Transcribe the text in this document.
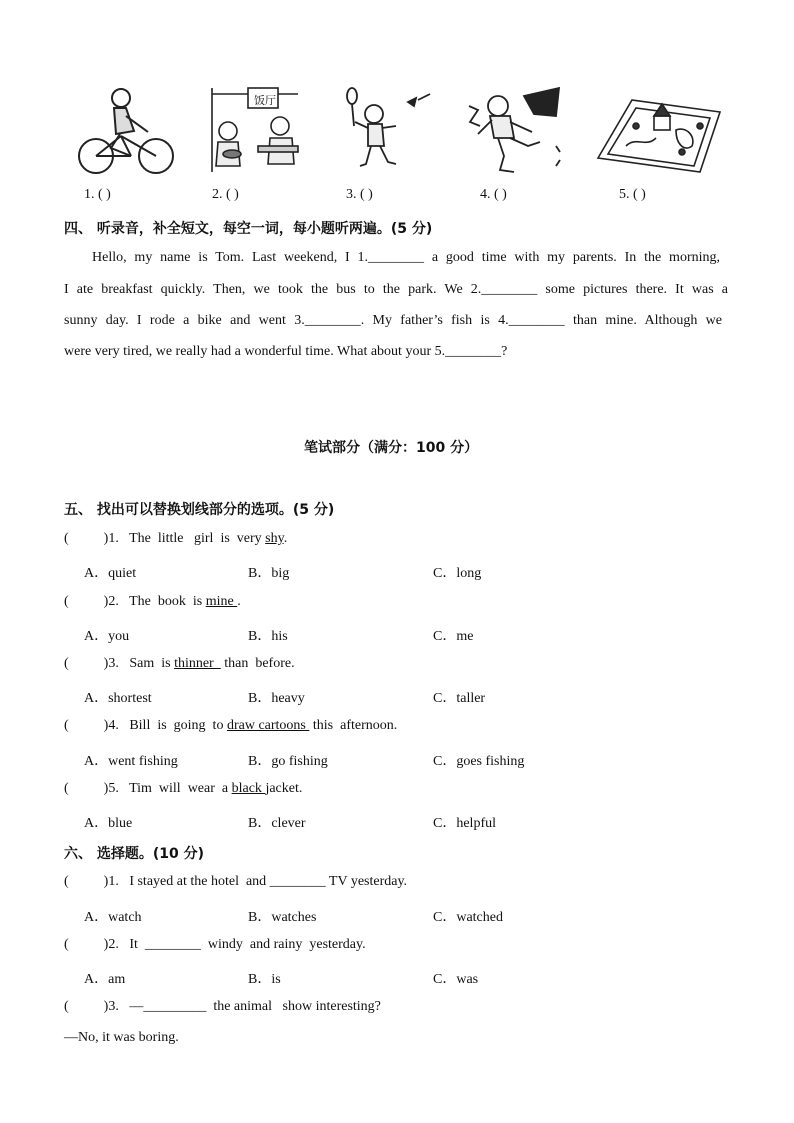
饭厅
1. ( )	2. ( )	3. ( )	4. ( )	5. ( )
四、 听录音，补全短文，每空一词，每小题听两遍。(5 分)
Hello, my name is Tom. Last weekend, I 1.________ a good time with my parents. In the morning,
I ate breakfast quickly. Then, we took the bus to the park. We 2.________ some pictures there. It was a
sunny day. I rode a bike and went 3.________. My father’s fish is 4.________ than mine. Although we
were very tired, we really had a wonderful time. What about your 5.________?
笔试部分（满分：100 分）
五、 找出可以替换划线部分的选项。(5 分)
(          )1.   The  little   girl  is  very shy.
A．quiet	B．big	C．long
(          )2.   The  book  is mine .
A．you	B．his	C．me
(          )3.   Sam  is thinner   than  before.
A．shortest	B．heavy	C．taller
(          )4.   Bill  is  going  to draw cartoons  this  afternoon.
A．went fishing	B．go fishing	C．goes fishing
(          )5.   Tim  will  wear  a black jacket.
A．blue	B．clever	C．helpful
六、 选择题。(10 分)
(          )1.   I stayed at the hotel  and ________ TV yesterday.
A．watch	B．watches	C．watched
(          )2.   It  ________  windy  and rainy  yesterday.
A．am	B．is	C．was
(          )3.   —_________  the animal   show interesting?
—No, it was boring.
